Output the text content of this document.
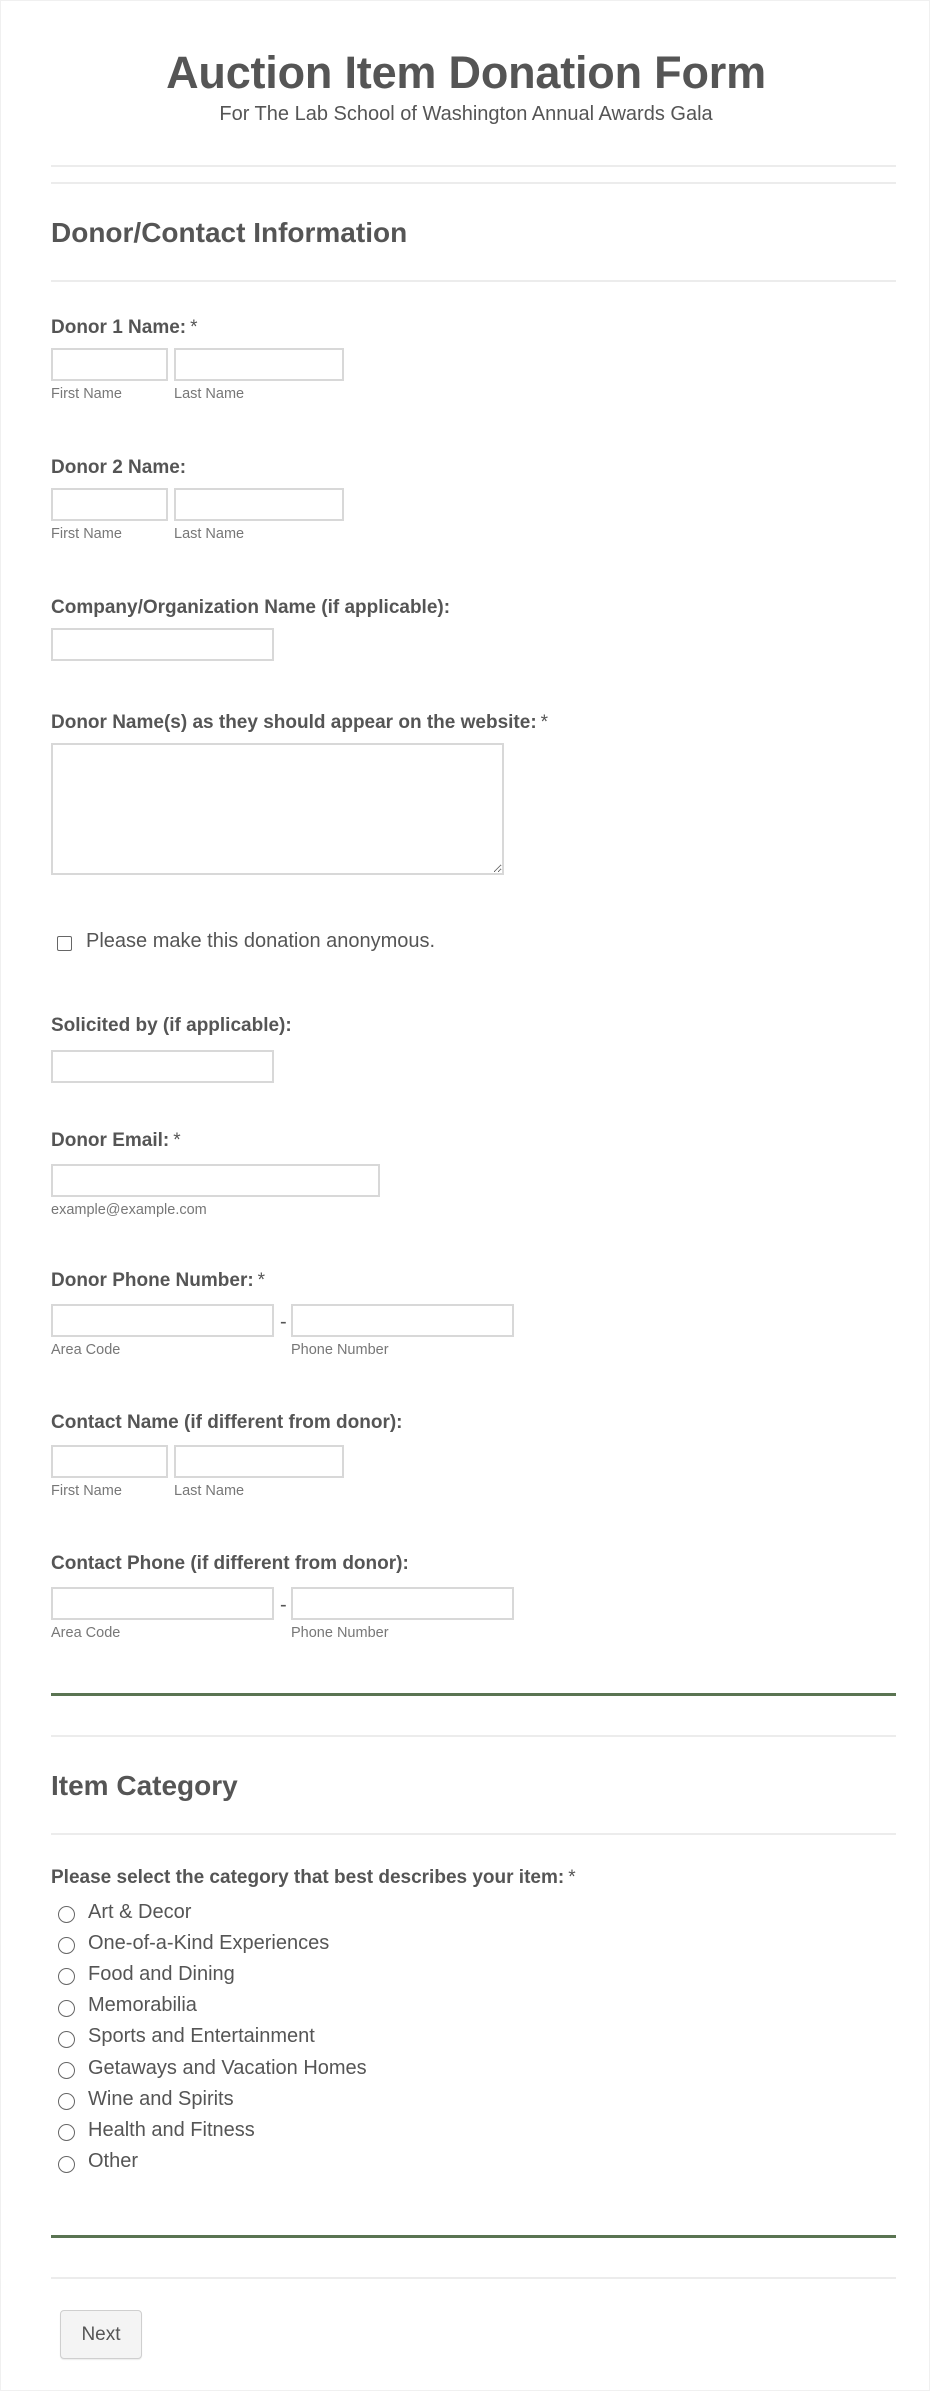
Auction Item Donation Form
For The Lab School of Washington Annual Awards Gala
Donor/Contact Information
Donor 1 Name: *
First Name	Last Name
Donor 2 Name:
First Name	Last Name
Company/Organization Name (if applicable):
Donor Name(s) as they should appear on the website: *
Please make this donation anonymous.
Solicited by (if applicable):
Donor Email: *
example@example.com
Donor Phone Number: *
-
Area Code	Phone Number
Contact Name (if different from donor):
First Name	Last Name
Contact Phone (if different from donor):
-
Area Code	Phone Number
Item Category
Please select the category that best describes your item: *
Art & Decor
One-of-a-Kind Experiences
Food and Dining
Memorabilia
Sports and Entertainment
Getaways and Vacation Homes
Wine and Spirits
Health and Fitness
Other
Next
